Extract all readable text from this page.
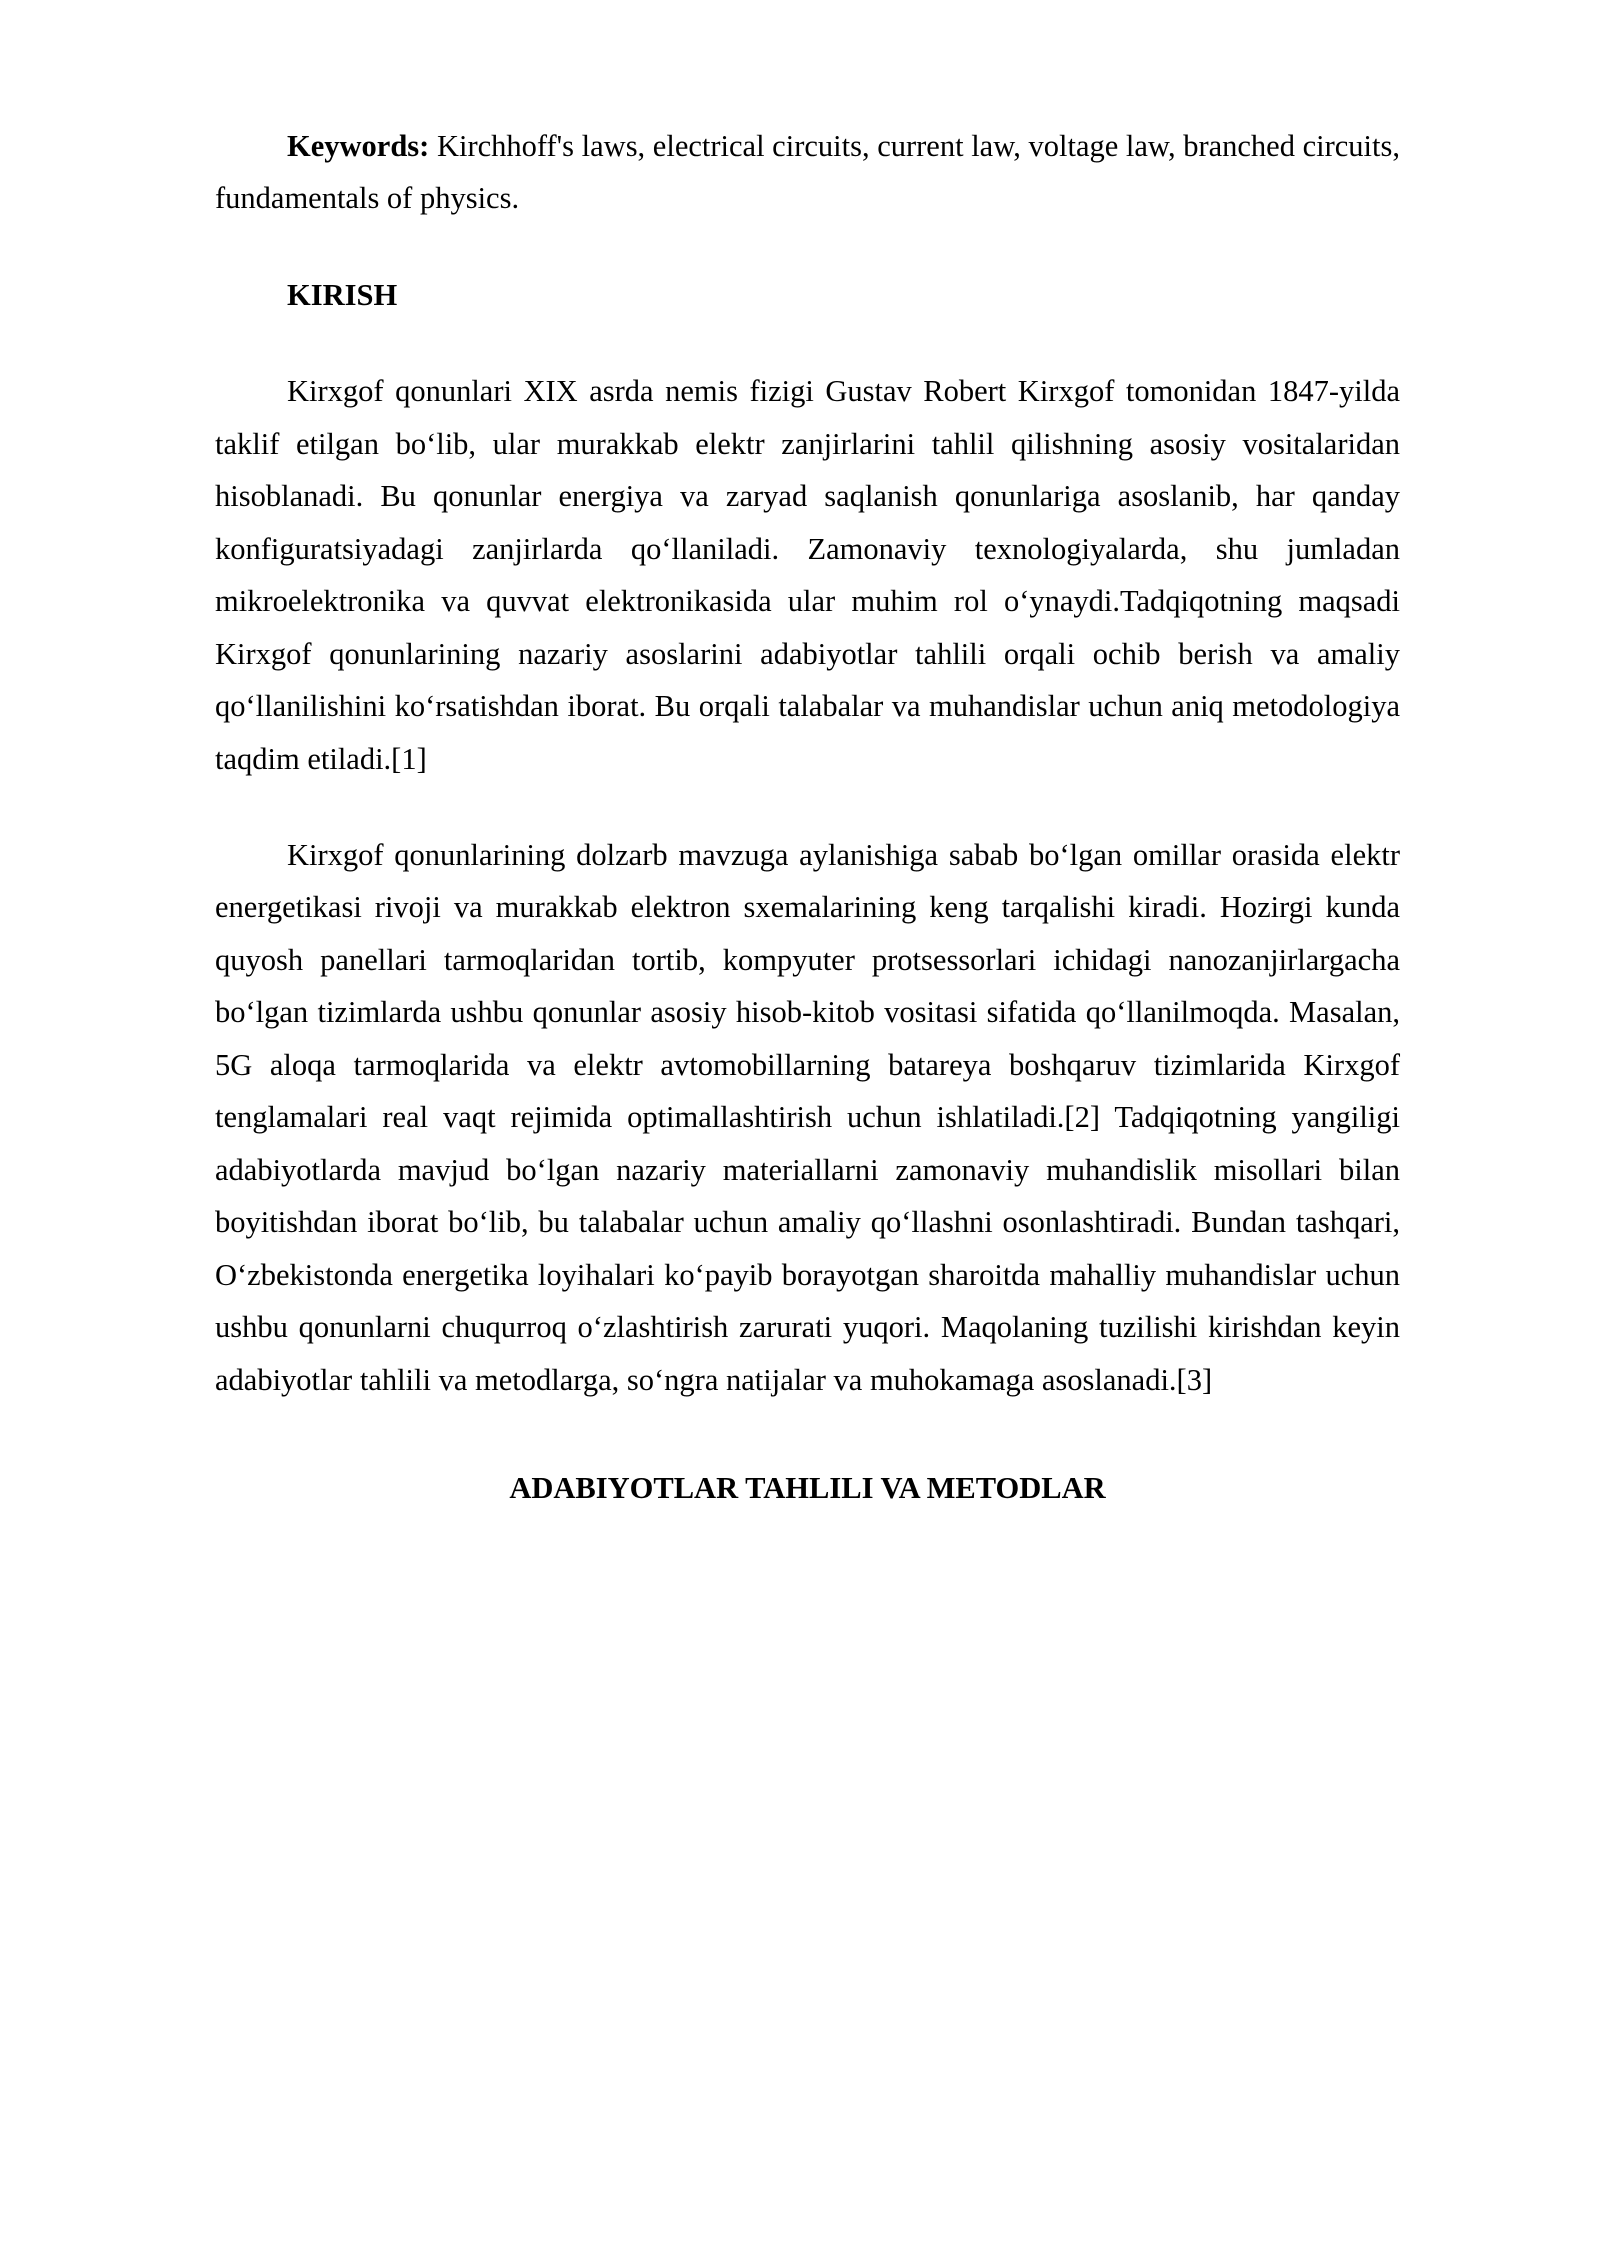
Keywords: Kirchhoff's laws, electrical circuits, current law, voltage law, branched circuits, fundamentals of physics.

KIRISH

Kirxgof qonunlari XIX asrda nemis fizigi Gustav Robert Kirxgof tomonidan 1847-yilda taklif etilgan bo‘lib, ular murakkab elektr zanjirlarini tahlil qilishning asosiy vositalaridan hisoblanadi. Bu qonunlar energiya va zaryad saqlanish qonunlariga asoslanib, har qanday konfiguratsiyadagi zanjirlarda qo‘llaniladi. Zamonaviy texnologiyalarda, shu jumladan mikroelektronika va quvvat elektronikasida ular muhim rol o‘ynaydi.Tadqiqotning maqsadi Kirxgof qonunlarining nazariy asoslarini adabiyotlar tahlili orqali ochib berish va amaliy qo‘llanilishini ko‘rsatishdan iborat. Bu orqali talabalar va muhandislar uchun aniq metodologiya taqdim etiladi.[1]

Kirxgof qonunlarining dolzarb mavzuga aylanishiga sabab bo‘lgan omillar orasida elektr energetikasi rivoji va murakkab elektron sxemalarining keng tarqalishi kiradi. Hozirgi kunda quyosh panellari tarmoqlaridan tortib, kompyuter protsessorlari ichidagi nanozanjirlargacha bo‘lgan tizimlarda ushbu qonunlar asosiy hisob-kitob vositasi sifatida qo‘llanilmoqda. Masalan, 5G aloqa tarmoqlarida va elektr avtomobillarning batareya boshqaruv tizimlarida Kirxgof tenglamalari real vaqt rejimida optimallashtirish uchun ishlatiladi.[2] Tadqiqotning yangiligi adabiyotlarda mavjud bo‘lgan nazariy materiallarni zamonaviy muhandislik misollari bilan boyitishdan iborat bo‘lib, bu talabalar uchun amaliy qo‘llashni osonlashtiradi. Bundan tashqari, O‘zbekistonda energetika loyihalari ko‘payib borayotgan sharoitda mahalliy muhandislar uchun ushbu qonunlarni chuqurroq o‘zlashtirish zarurati yuqori. Maqolaning tuzilishi kirishdan keyin adabiyotlar tahlili va metodlarga, so‘ngra natijalar va muhokamaga asoslanadi.[3]

ADABIYOTLAR TAHLILI VA METODLAR
